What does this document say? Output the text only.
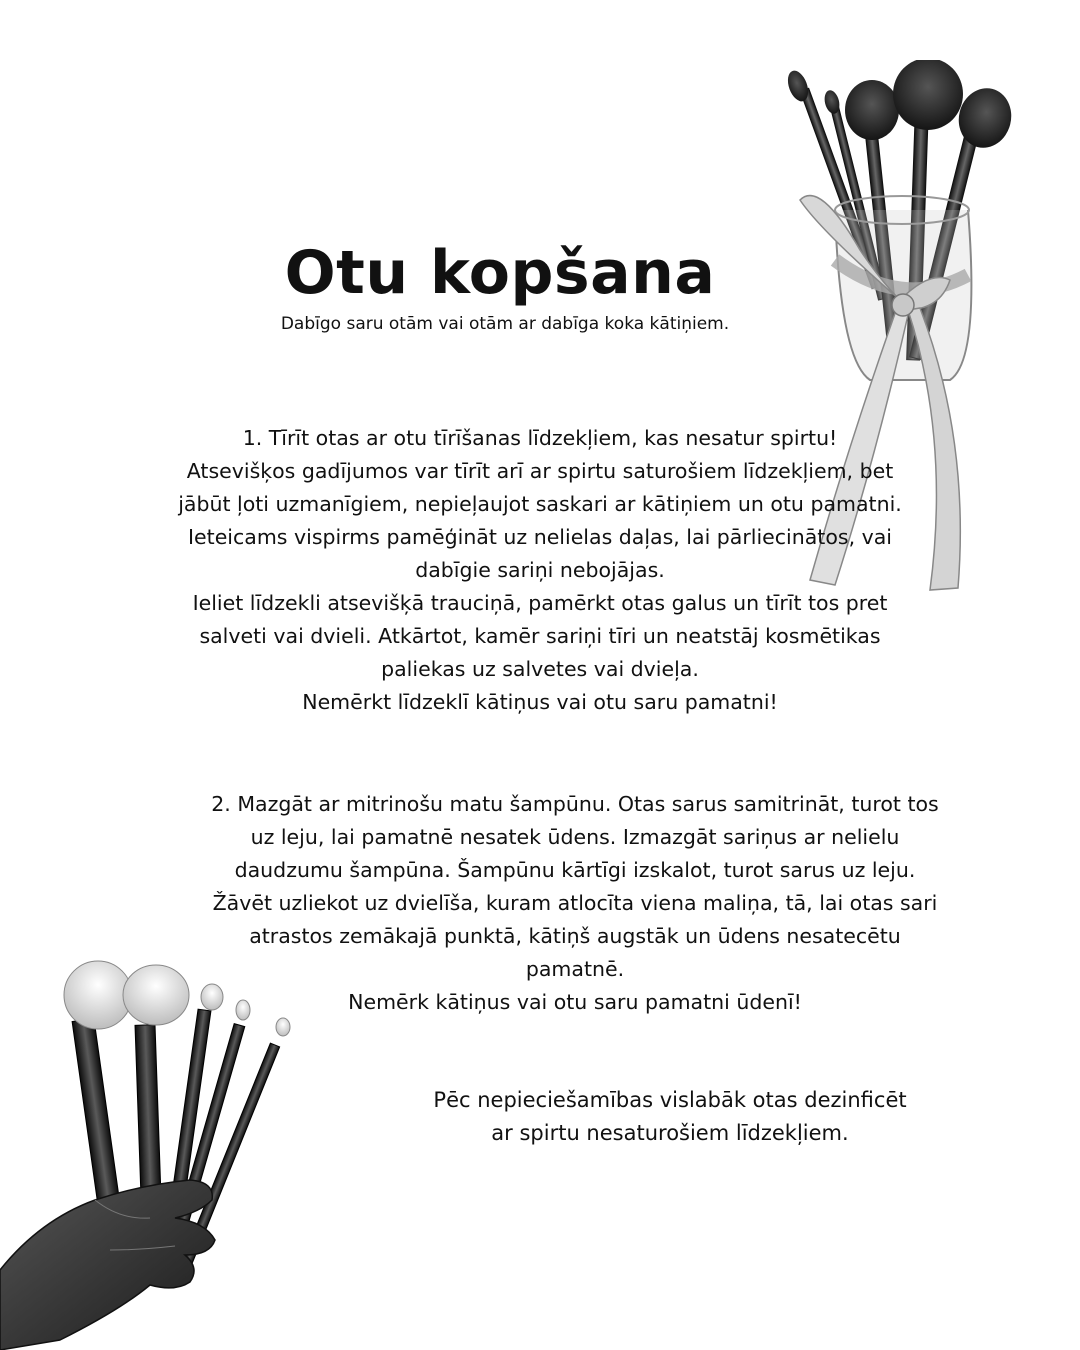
Otu kopšana

Dabīgo saru otām vai otām ar dabīga koka kātiņiem.

1. Tīrīt otas ar otu tīrīšanas līdzekļiem, kas nesatur spirtu!
Atsevišķos gadījumos var tīrīt arī ar spirtu saturošiem līdzekļiem, bet
jābūt ļoti uzmanīgiem, nepieļaujot saskari ar kātiņiem un otu pamatni.
Ieteicams vispirms pamēģināt uz nelielas daļas, lai pārliecinātos, vai
dabīgie sariņi nebojājas.
Ieliet līdzekli atsevišķā trauciņā, pamērkt otas galus un tīrīt tos pret
salveti vai dvieli. Atkārtot, kamēr sariņi tīri un neatstāj kosmētikas
paliekas uz salvetes vai dvieļa.
Nemērkt līdzeklī kātiņus vai otu saru pamatni!
2. Mazgāt ar mitrinošu matu šampūnu. Otas sarus samitrināt, turot tos
uz leju, lai pamatnē nesatek ūdens. Izmazgāt sariņus ar nelielu
daudzumu šampūna. Šampūnu kārtīgi izskalot, turot sarus uz leju.
Žāvēt uzliekot uz dvielīša, kuram atlocīta viena maliņa, tā, lai otas sari
atrastos zemākajā punktā, kātiņš augstāk un ūdens nesatecētu
pamatnē.
Nemērk kātiņus vai otu saru pamatni ūdenī!
Pēc nepieciešamības vislabāk otas dezinficēt
ar spirtu nesaturošiem līdzekļiem.
